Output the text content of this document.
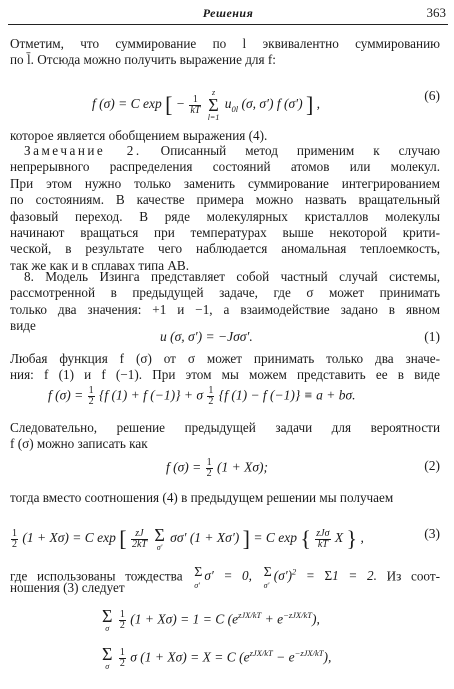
Решения	363
Отметим, что суммирование по l эквивалентно суммированию
по l̄. Отсюда можно получить выражение для f:
f (σ) = C exp [ − $\frac{1}{kT}$

z
Σ
l=1
$u_{0l}$ (σ, σ′) f (σ′) ] ,
(6)
которое является обобщением выражения (4).
Замечание 2. Описанный метод применим к случаю
непрерывного распределения состояний атомов или молекул.
При этом нужно только заменить суммирование интегрированием
по состояниям. В качестве примера можно назвать вращательный
фазовый переход. В ряде молекулярных кристаллов молекулы
начинают вращаться при температурах выше некоторой крити-
ческой, в результате чего наблюдается аномальная теплоемкость,
так же как и в сплавах типа AB.
8. Модель Изинга представляет собой частный случай системы,
рассмотренной в предыдущей задаче, где σ может принимать
только два значения: +1 и −1, а взаимодействие задано в явном
виде
u (σ, σ′) = −Jσσ′.	(1)
Любая функция f (σ) от σ может принимать только два значе-
ния: f (1) и f (−1). При этом мы можем представить ее в виде
f $(\sigma) = \frac{1}{2} \{f$ (1) + f (−1)} + σ $\frac{1}{2} \{f$ (1) − f (−1)} ≡ a + bσ.
Следовательно, решение предыдущей задачи для вероятности
f (σ) можно записать как
f $(\sigma) = \frac{1}{2} (1 + X\sigma)$;	(2)
тогда вместо соотношения (4) в предыдущем решении мы получаем
$\frac{1}{2} (1 + X\sigma) = C$ exp [ $\frac{zJ}{2kT}$
Σ
σ′
σσ′ (1 + Xσ′) ] = C exp { $\frac{\text{zJσ}}{kT}$ X } ,	(3)
где использованы тождества Σ
σ′
σ′ = 0, Σ
σ′
$(\sigma')^2 = \Sigma 1 = 2$. Из соот-
ношения (3) следует
Σ
σ
$\frac{1}{2} (1 + X\sigma) = 1 = C$ $(e^{zJX/kT} + e^{-zJX/kT})$,
Σ
σ
$\frac{1}{2}$ σ (1 + Xσ) = X = C $(e^{zJX/kT} - e^{-zJX/kT})$,
